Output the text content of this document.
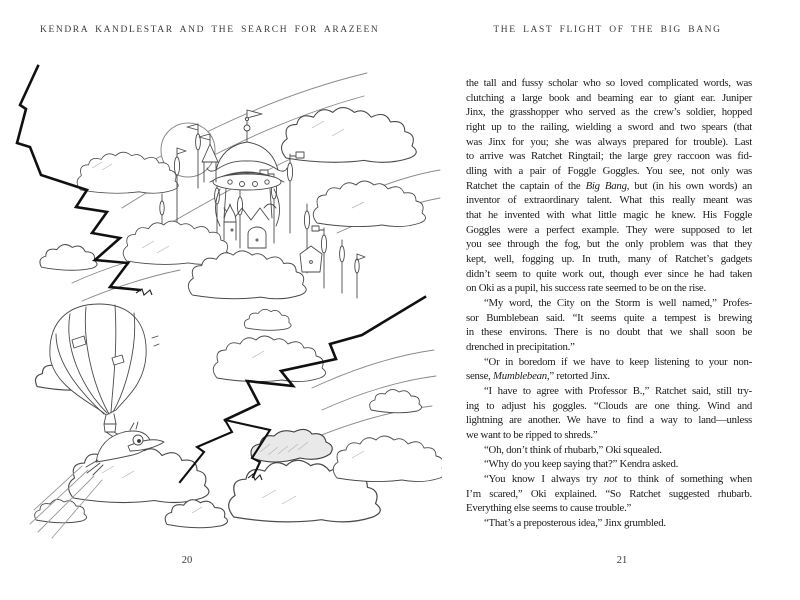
KENDRA KANDLESTAR AND THE SEARCH FOR ARAZEEN	THE LAST FLIGHT OF THE BIG BANG
the tall and fussy scholar who so loved complicated words, was
clutching a large book and beaming ear to giant ear. Juniper
Jinx, the grasshopper who served as the crew’s soldier, hopped
right up to the railing, wielding a sword and two spears (that
was Jinx for you; she was always prepared for trouble). Last
to arrive was Ratchet Ringtail; the large grey raccoon was fid-
dling with a pair of Foggle Goggles. You see, not only was
Ratchet the captain of the Big Bang, but (in his own words) an
inventor of extraordinary talent. What this really meant was
that he invented with what little magic he knew. His Foggle
Goggles were a perfect example. They were supposed to let
you see through the fog, but the only problem was that they
kept, well, fogging up. In truth, many of Ratchet’s gadgets
didn’t seem to quite work out, though ever since he had taken
on Oki as a pupil, his success rate seemed to be on the rise.
“My word, the City on the Storm is well named,” Profes-
sor Bumblebean said. “It seems quite a tempest is brewing
in these environs. There is no doubt that we shall soon be
drenched in precipitation.”
“Or in boredom if we have to keep listening to your non-
sense, Mumblebean,” retorted Jinx.
“I have to agree with Professor B.,” Ratchet said, still try-
ing to adjust his goggles. “Clouds are one thing. Wind and
lightning are another. We have to find a way to land—unless
we want to be ripped to shreds.”
“Oh, don’t think of rhubarb,” Oki squealed.
“Why do you keep saying that?” Kendra asked.
“You know I always try not to think of something when
I’m scared,” Oki explained. “So Ratchet suggested rhubarb.
Everything else seems to cause trouble.”
“That’s a preposterous idea,” Jinx grumbled.
20	21
